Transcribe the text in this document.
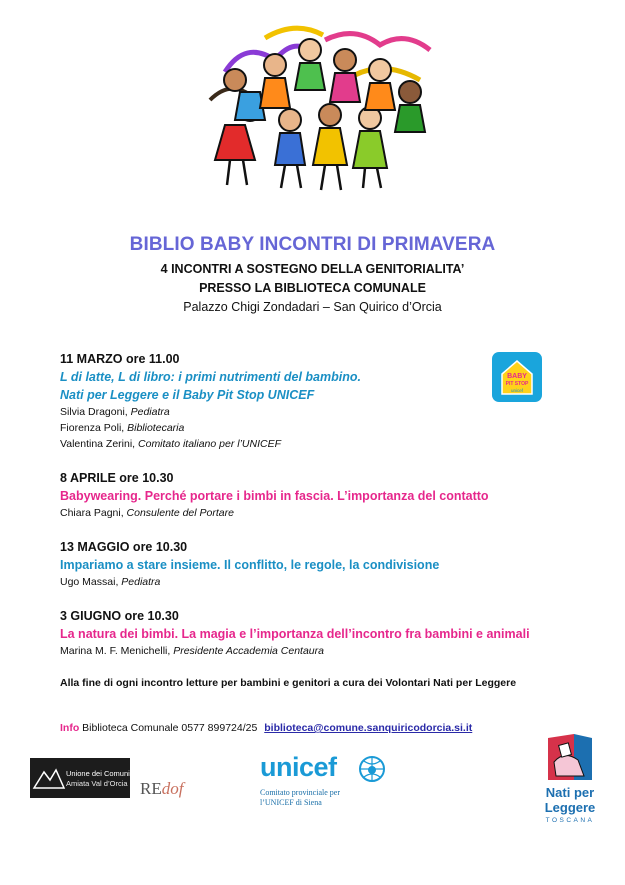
BIBLIO BABY INCONTRI DI PRIMAVERA
4 INCONTRI A SOSTEGNO DELLA GENITORIALITA’
PRESSO LA BIBLIOTECA COMUNALE
Palazzo Chigi Zondadari – San Quirico d’Orcia
11 MARZO ore 11.00
L di latte, L di libro: i primi nutrimenti del bambino.
Nati per Leggere e il Baby Pit Stop UNICEF
Silvia Dragoni, Pediatra
Fiorenza Poli, Bibliotecaria
Valentina Zerini, Comitato italiano per l’UNICEF
BABY
PIT STOP
unicef
8 APRILE ore 10.30
Babywearing. Perché portare i bimbi in fascia. L’importanza del contatto
Chiara Pagni, Consulente del Portare
13 MAGGIO ore 10.30
Impariamo a stare insieme. Il conflitto, le regole, la condivisione
Ugo Massai, Pediatra
3 GIUGNO ore 10.30
La natura dei bimbi. La magia e l’importanza dell’incontro fra bambini e animali
Marina M. F. Menichelli, Presidente Accademia Centaura
Alla fine di ogni incontro letture per bambini e genitori a cura dei Volontari Nati per Leggere
Info Biblioteca Comunale 0577 899724/25 biblioteca@comune.sanquiricodorcia.si.it
Unione dei Comuni
Amiata Val d’Orcia REdof
unicef
Comitato provinciale per
l’UNICEF di Siena
Nati per
Leggere
TOSCANA
